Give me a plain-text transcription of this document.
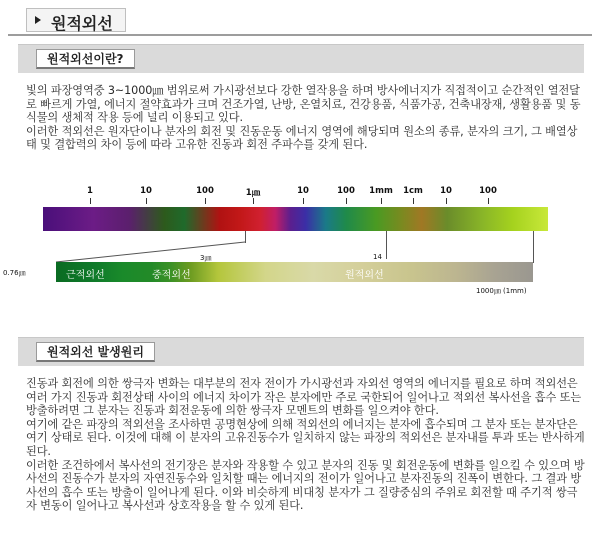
원적외선
원적외선이란?

빛의 파장영역중 3~1000㎛ 범위로써 가시광선보다 강한 열작용을 하며 방사에너지가 직접적이고 순간적인 열전달로 빠르게 가열, 에너지 절약효과가 크며 건조가열, 난방, 온열치료, 건강용품, 식품가공, 건축내장재, 생활용품 및 동식물의 생체적 작용 등에 널리 이용되고 있다.

이러한 적외선은 원자단이나 분자의 회전 및 진동운동 에너지 영역에 해당되며 원소의 종류, 분자의 크기, 그 배열상태 및 결합력의 차이 등에 따라 고유한 진동과 회전 주파수를 갖게 된다.

1	10	100	1㎛	10	100 1mm 1cm 10	100
0.76㎛
3㎛	14
근적외선	중적외선	원적외선
1000㎛ (1mm)
원적외선 발생원리

진동과 회전에 의한 쌍극자 변화는 대부분의 전자 전이가 가시광선과 자외선 영역의 에너지를 필요로 하며 적외선은 여러 가지 진동과 회전상태 사이의 에너지 차이가 작은 분자에만 주로 국한되어 일어나고 적외선 복사선을 흡수 또는 방출하려면 그 분자는 진동과 회전운동에 의한 쌍극자 모멘트의 변화를 일으켜야 한다.

여기에 같은 파장의 적외선을 조사하면 공명현상에 의해 적외선의 에너지는 분자에 흡수되며 그 분자 또는 분자단은 여기 상태로 된다. 이것에 대해 이 분자의 고유진동수가 일치하지 않는 파장의 적외선은 분자내를 투과 또는 반사하게 된다.

이러한 조건하에서 복사선의 전기장은 분자와 작용할 수 있고 분자의 진동 및 회전운동에 변화를 일으킬 수 있으며 방사선의 진동수가 분자의 자연진동수와 일치할 때는 에너지의 전이가 일어나고 분자진동의 진폭이 변한다. 그 결과 방사선의 흡수 또는 방출이 일어나게 된다. 이와 비슷하게 비대칭 분자가 그 질량중심의 주위로 회전할 때 주기적 쌍극자 변동이 일어나고 복사선과 상호작용을 할 수 있게 된다.
